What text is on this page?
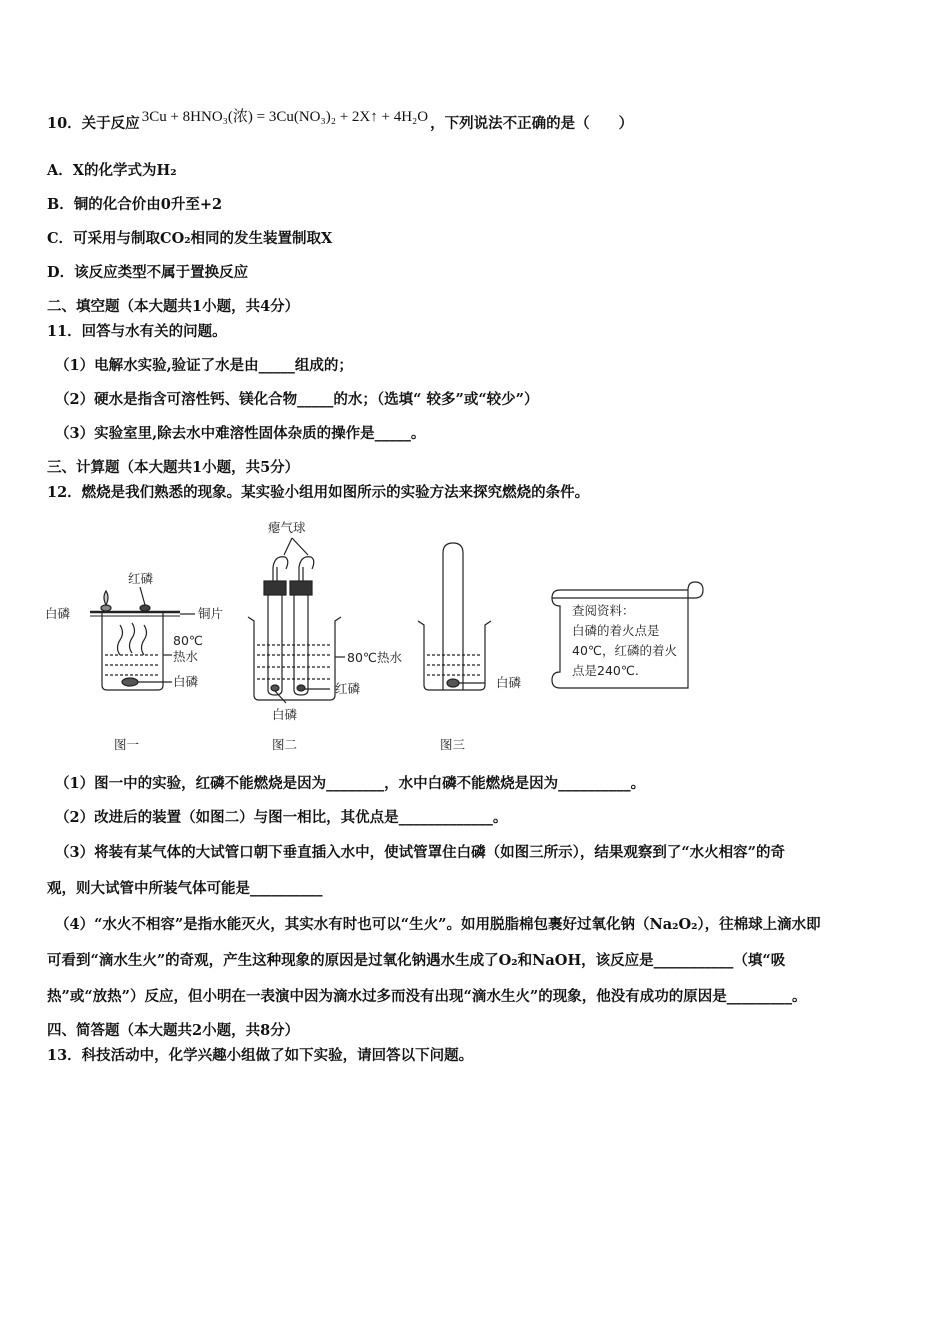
10．关于反应 3Cu + 8HNO₃(浓) = 3Cu(NO₃)₂ + 2X↑ + 4H₂O ，下列说法不正确的是（　　）
A．X的化学式为H₂
B．铜的化合价由0升至+2
C．可采用与制取CO₂相同的发生装置制取X
D．该反应类型不属于置换反应
二、填空题（本大题共1小题，共4分）
11．回答与水有关的问题。
（1）电解水实验,验证了水是由_____组成的；
（2）硬水是指含可溶性钙、镁化合物_____的水；（选填“ 较多”或“较少”）
（3）实验室里,除去水中难溶性固体杂质的操作是_____。
三、计算题（本大题共1小题，共5分）
12．燃烧是我们熟悉的现象。某实验小组用如图所示的实验方法来探究燃烧的条件。
红磷
白磷	铜片
80℃
热水
白磷
瘪气球
80℃热水
红磷
白磷
白磷
查阅资料：
白磷的着火点是
40℃，红磷的着火
点是240℃.
图一	图二	图三
（1）图一中的实验，红磷不能燃烧是因为________，水中白磷不能燃烧是因为__________。
（2）改进后的装置（如图二）与图一相比，其优点是_____________。
（3）将装有某气体的大试管口朝下垂直插入水中，使试管罩住白磷（如图三所示），结果观察到了“水火相容”的奇
观，则大试管中所装气体可能是__________
（4）“水火不相容”是指水能灭火，其实水有时也可以“生火”。如用脱脂棉包裹好过氧化钠（Na₂O₂），往棉球上滴水即
可看到“滴水生火”的奇观，产生这种现象的原因是过氧化钠遇水生成了O₂和NaOH，该反应是___________（填“吸
热”或“放热”）反应，但小明在一表演中因为滴水过多而没有出现“滴水生火”的现象，他没有成功的原因是_________。
四、简答题（本大题共2小题，共8分）
13．科技活动中，化学兴趣小组做了如下实验，请回答以下问题。
